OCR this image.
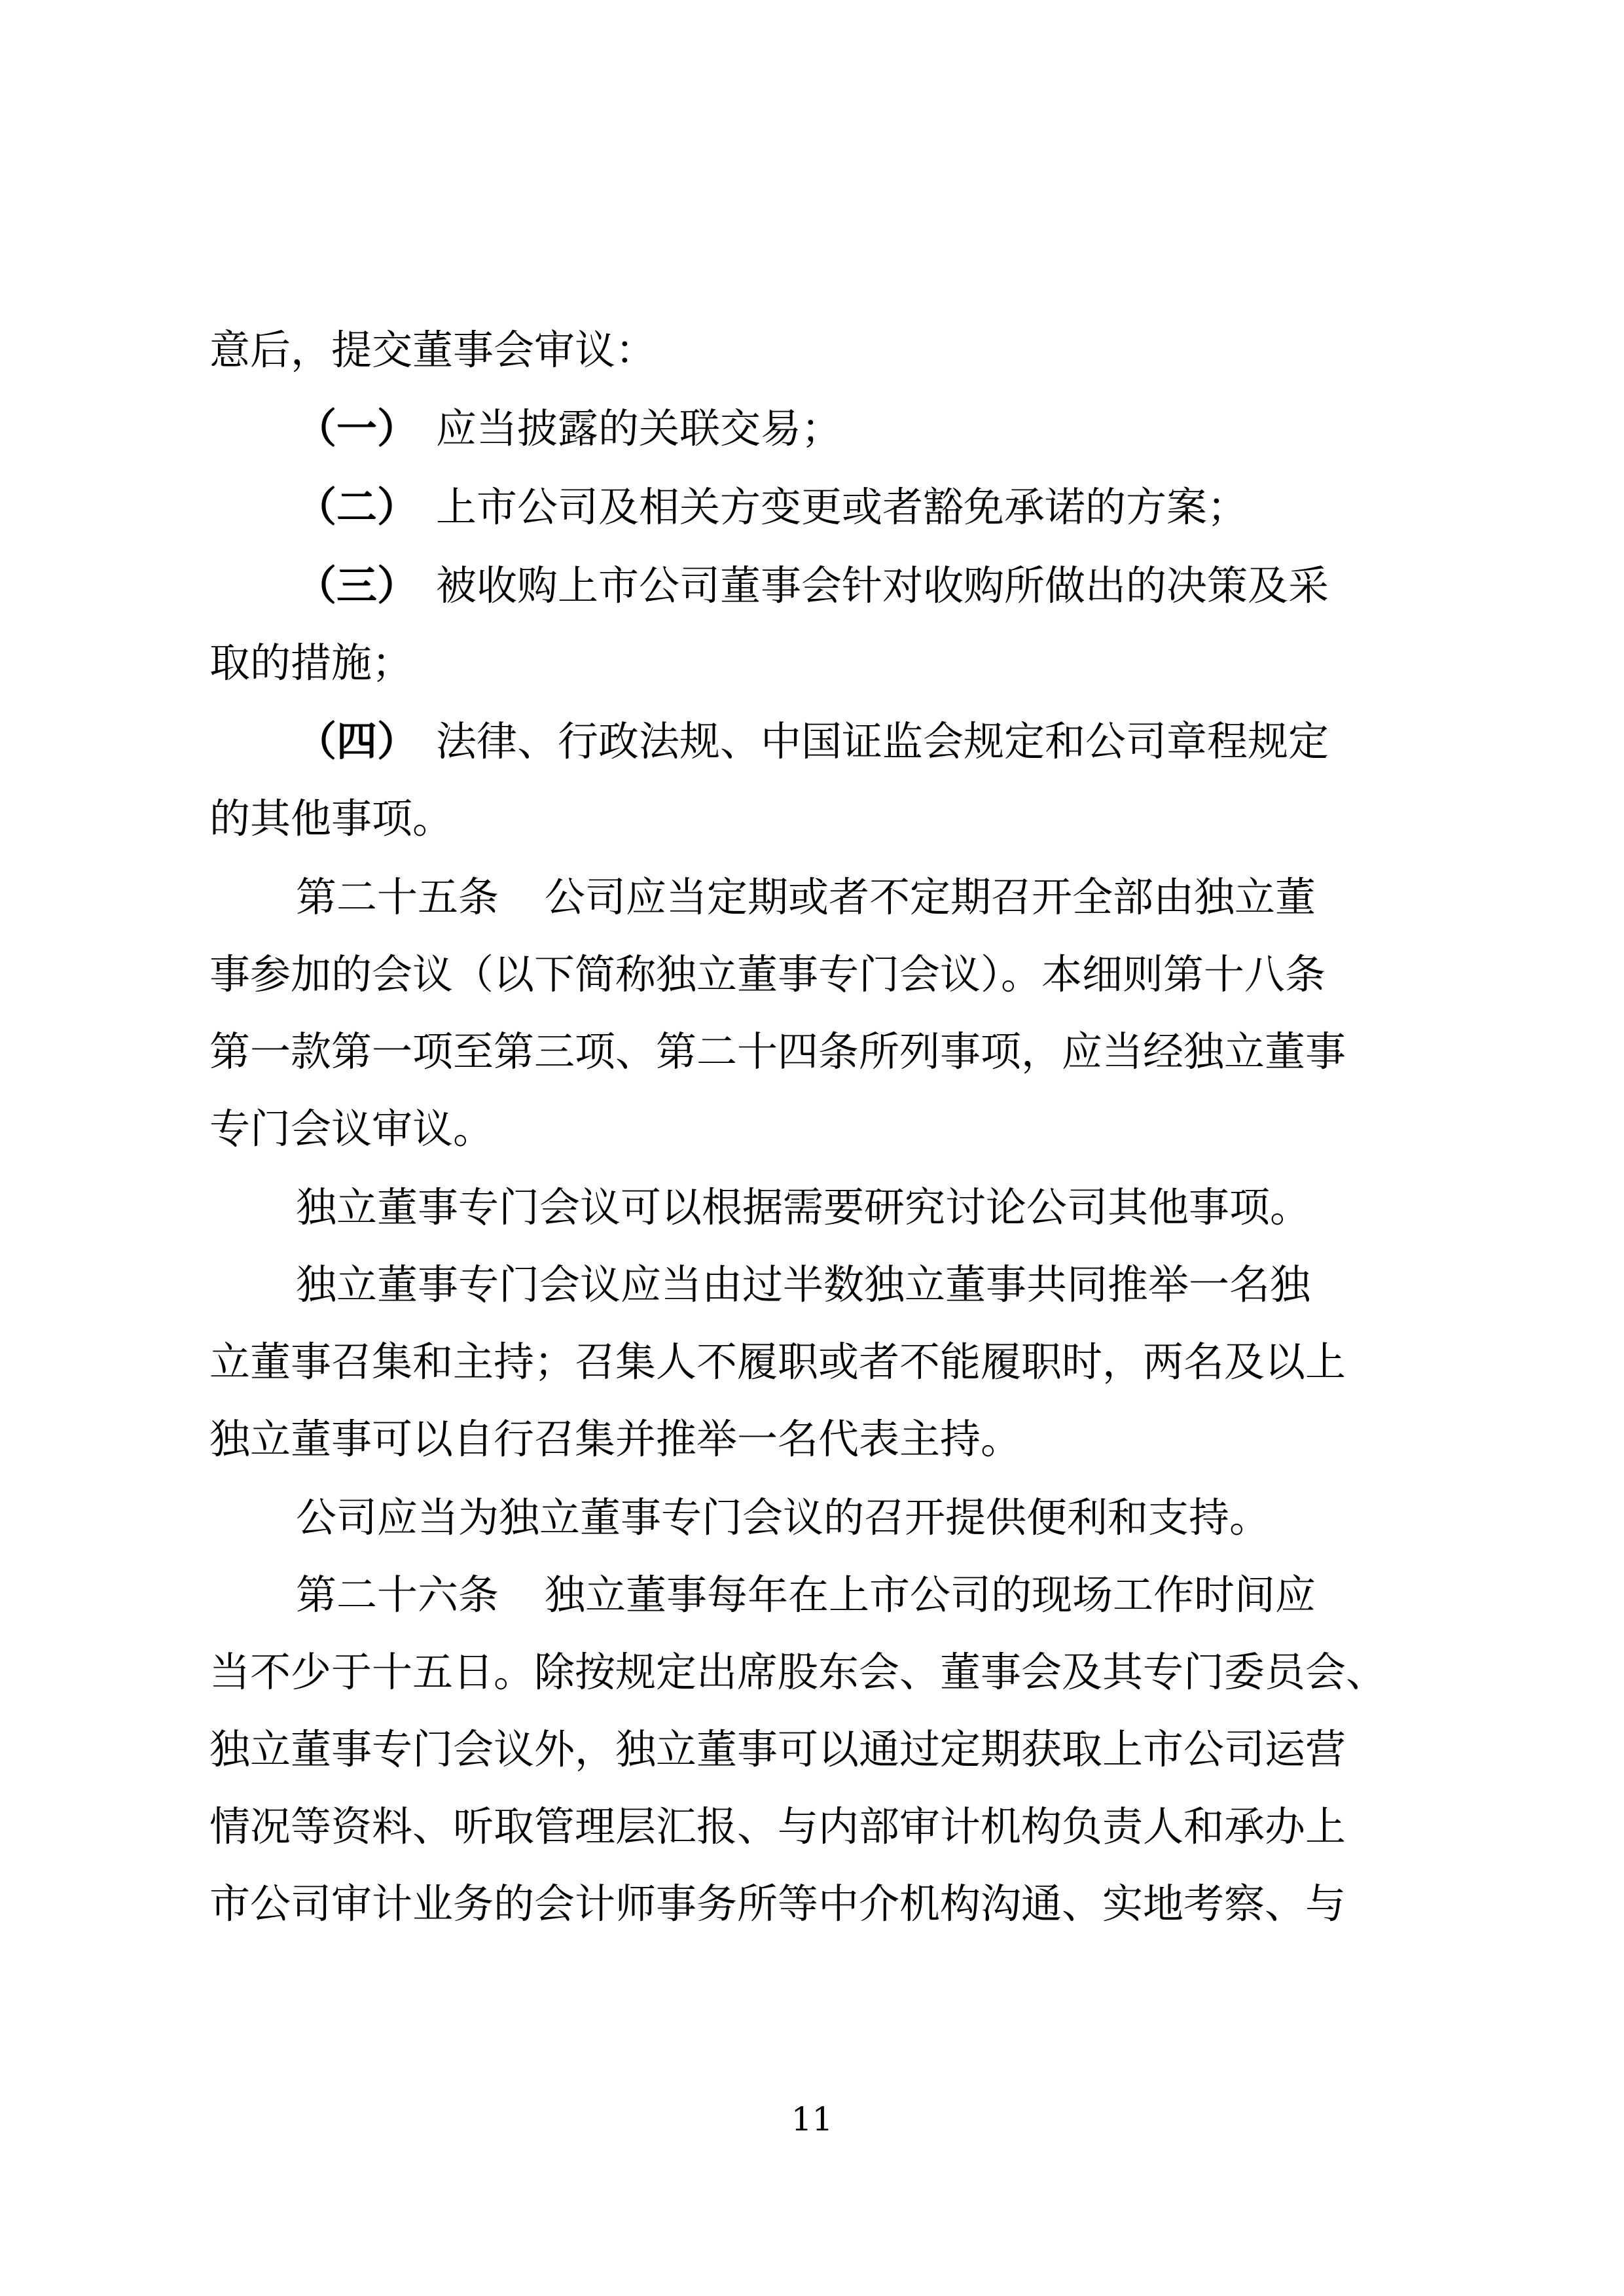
意后，提交董事会审议：
（一） 应当披露的关联交易；
（二） 上市公司及相关方变更或者豁免承诺的方案；
（三） 被收购上市公司董事会针对收购所做出的决策及采
取的措施；
（四） 法律、行政法规、中国证监会规定和公司章程规定
的其他事项。
第二十五条 公司应当定期或者不定期召开全部由独立董
事参加的会议（以下简称独立董事专门会议）。本细则第十八条
第一款第一项至第三项、第二十四条所列事项，应当经独立董事
专门会议审议。
独立董事专门会议可以根据需要研究讨论公司其他事项。
独立董事专门会议应当由过半数独立董事共同推举一名独
立董事召集和主持；召集人不履职或者不能履职时，两名及以上
独立董事可以自行召集并推举一名代表主持。
公司应当为独立董事专门会议的召开提供便利和支持。
第二十六条 独立董事每年在上市公司的现场工作时间应
当不少于十五日。除按规定出席股东会、董事会及其专门委员会、
独立董事专门会议外，独立董事可以通过定期获取上市公司运营
情况等资料、听取管理层汇报、与内部审计机构负责人和承办上
市公司审计业务的会计师事务所等中介机构沟通、实地考察、与
11
